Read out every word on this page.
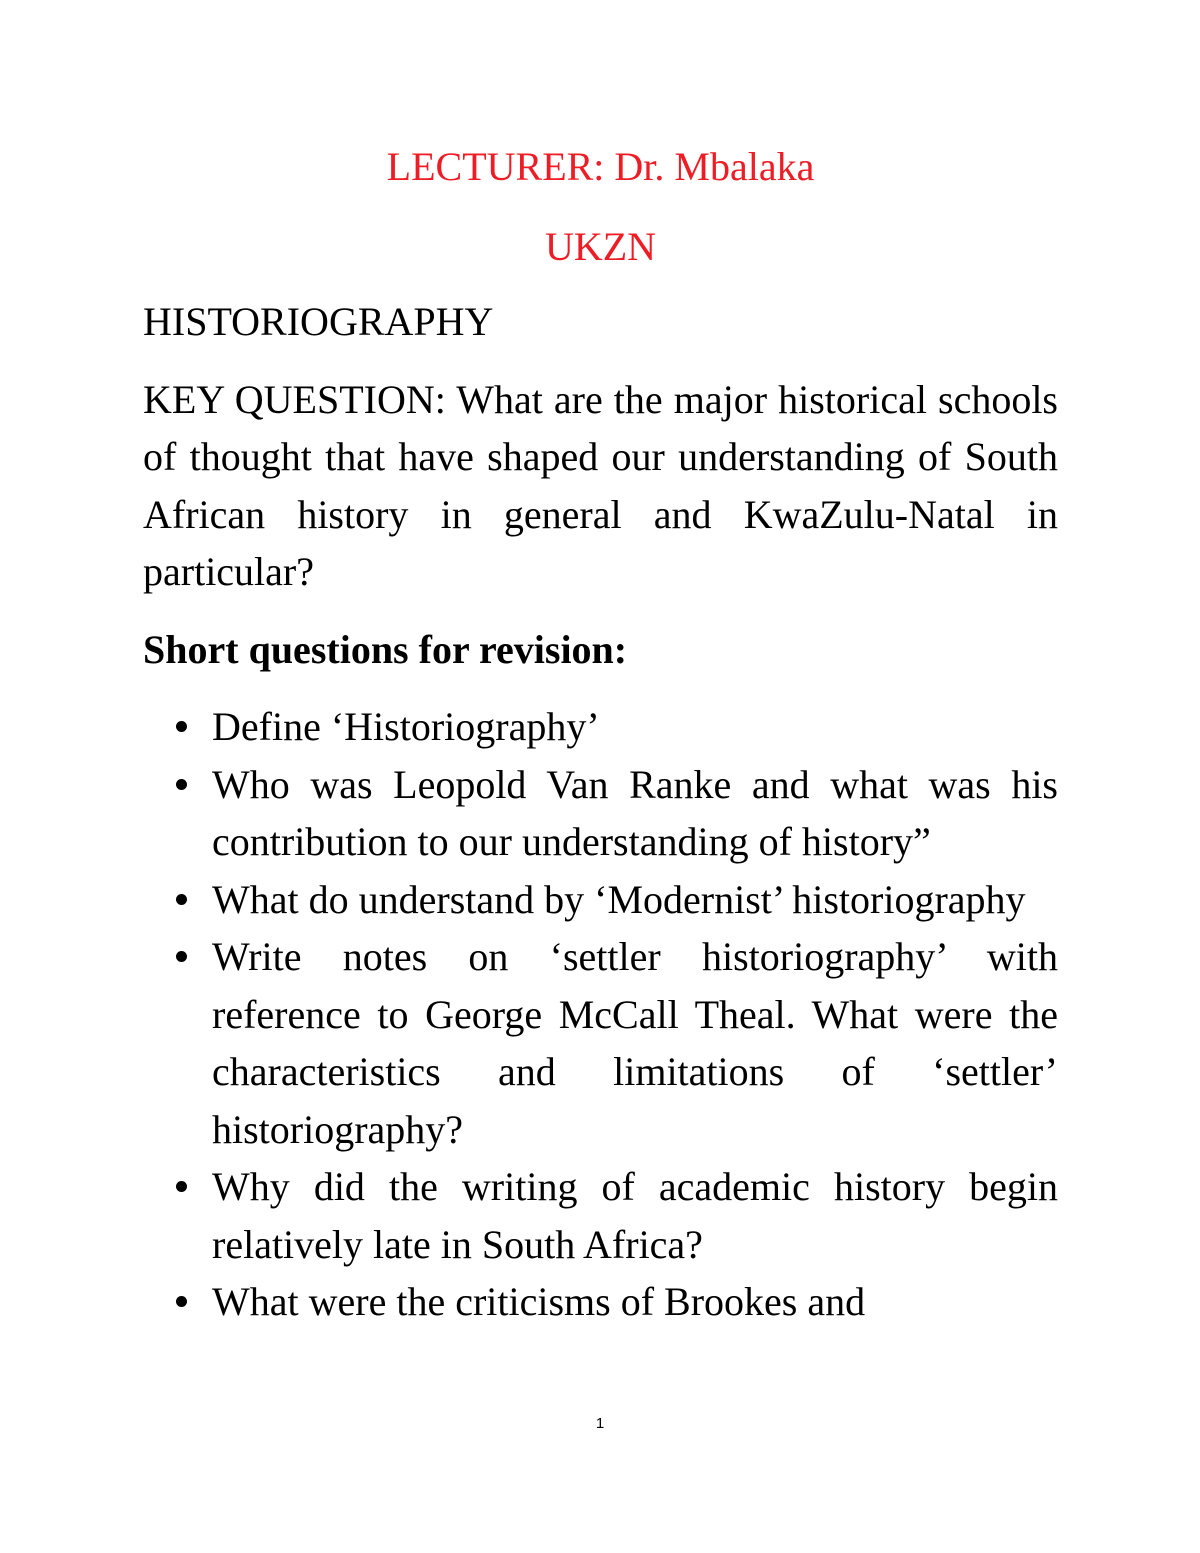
LECTURER: Dr. Mbalaka

UKZN

HISTORIOGRAPHY

KEY QUESTION: What are the major historical schools of thought that have shaped our understanding of South African history in general and KwaZulu-Natal in particular?

Short questions for revision:

Define ‘Historiography’
Who was Leopold Van Ranke and what was his contribution to our understanding of history”
What do understand by ‘Modernist’ historiography
Write notes on ‘settler historiography’ with reference to George McCall Theal. What were the characteristics and limitations of ‘settler’ historiography?
Why did the writing of academic history begin relatively late in South Africa?
What were the criticisms of Brookes and
1
